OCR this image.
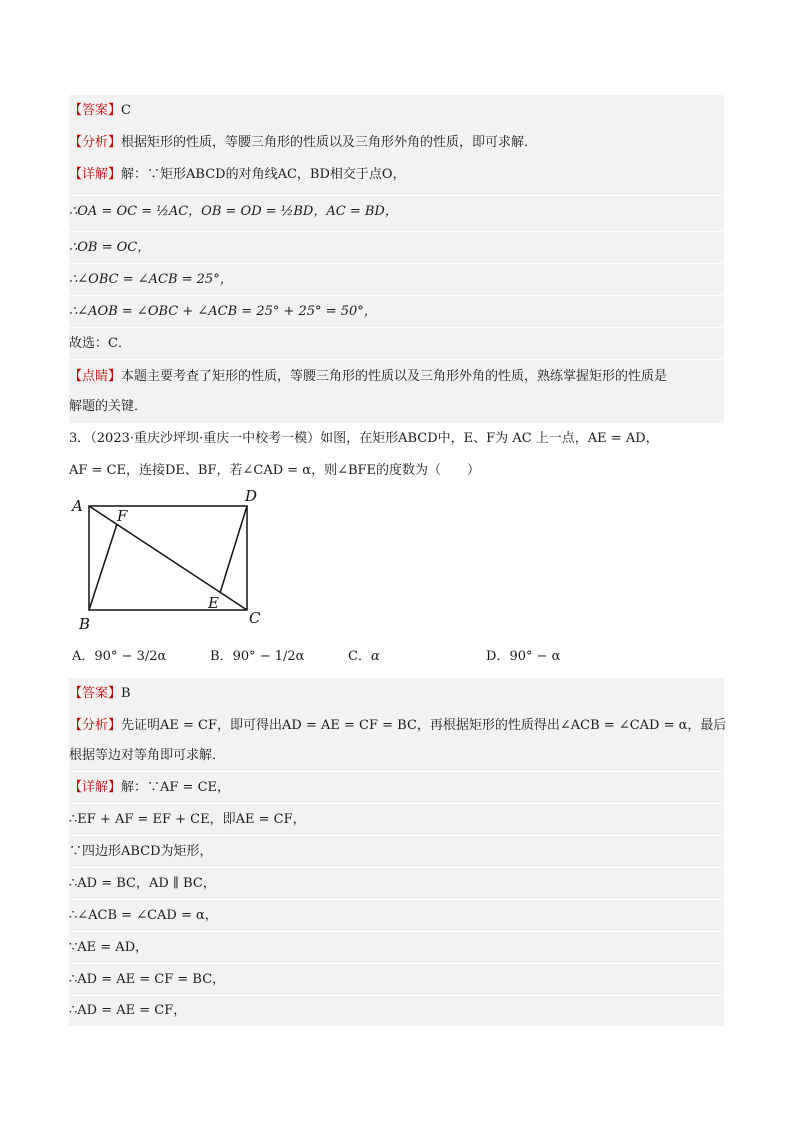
【答案】C
【分析】根据矩形的性质，等腰三角形的性质以及三角形外角的性质，即可求解．
【详解】解：∵矩形ABCD的对角线AC，BD相交于点O，
∴OA = OC = ½AC，OB = OD = ½BD，AC = BD，
∴OB = OC，
∴∠OBC = ∠ACB = 25°，
∴∠AOB = ∠OBC + ∠ACB = 25° + 25° = 50°，
故选：C．
【点睛】本题主要考查了矩形的性质，等腰三角形的性质以及三角形外角的性质，熟练掌握矩形的性质是
解题的关键．
3．（2023·重庆沙坪坝·重庆一中校考一模）如图，在矩形ABCD中，E、F为 AC 上一点，AE = AD，
AF = CE，连接DE、BF，若∠CAD = α，则∠BFE的度数为（　　）
A
F
D
B
E
C
A．90° − 3/2α	B．90° − 1/2α	C．α	D．90° − α
【答案】B
【分析】先证明AE = CF，即可得出AD = AE = CF = BC，再根据矩形的性质得出∠ACB = ∠CAD = α，最后
根据等边对等角即可求解．
【详解】解：∵AF = CE，
∴EF + AF = EF + CE，即AE = CF，
∵四边形ABCD为矩形，
∴AD = BC，AD ∥ BC，
∴∠ACB = ∠CAD = α，
∵AE = AD，
∴AD = AE = CF = BC，
∴AD = AE = CF，
